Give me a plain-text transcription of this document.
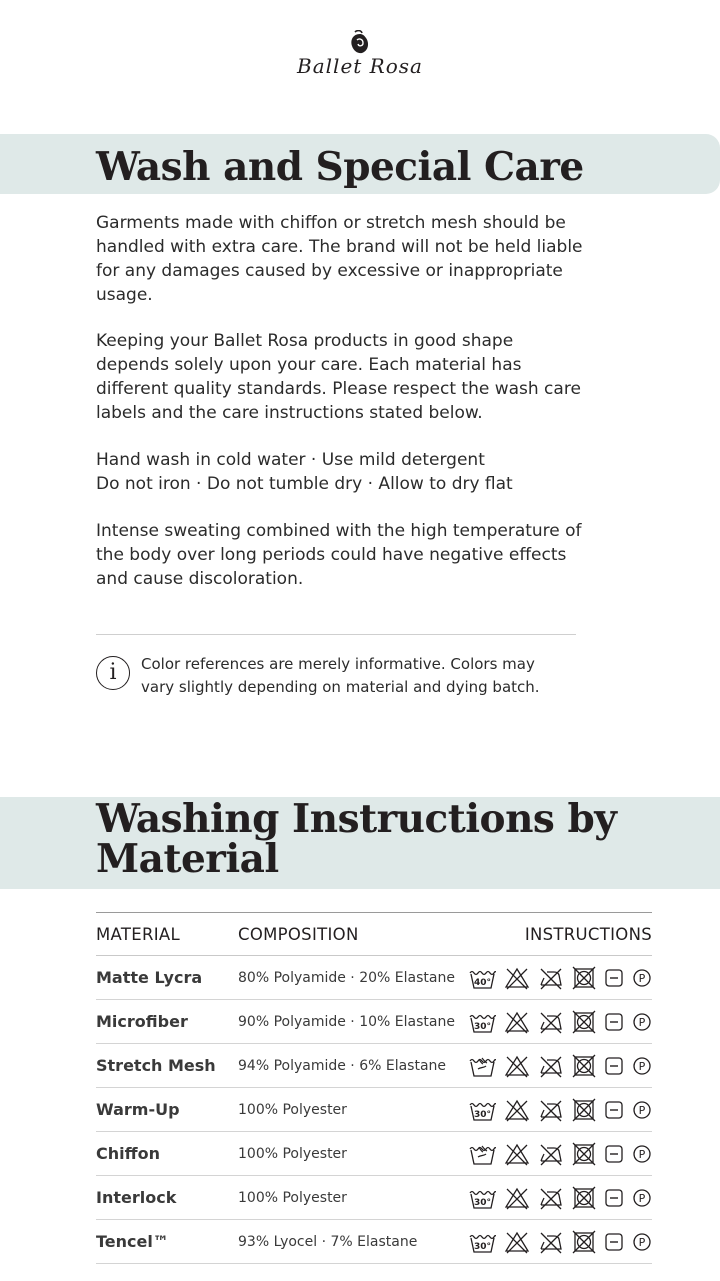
Ballet Rosa
Wash and Special Care

Garments made with chiffon or stretch mesh should be handled with extra care. The brand will not be held liable for any damages caused by excessive or inappropriate usage.

Keeping your Ballet Rosa products in good shape depends solely upon your care. Each material has different quality standards. Please respect the wash care labels and the care instructions stated below.

Hand wash in cold water · Use mild detergent
Do not iron · Do not tumble dry · Allow to dry flat

Intense sweating combined with the high temperature of the body over long periods could have negative effects and cause discoloration.

i	Color references are merely informative. Colors may vary slightly depending on material and dying batch.

Washing Instructions by Material
MATERIAL	COMPOSITION	INSTRUCTIONS
Matte Lycra	80% Polyamide · 20% Elastane	40° P

Microfiber	90% Polyamide · 10% Elastane	30° P

Stretch Mesh	94% Polyamide · 6% Elastane	P

Warm-Up	100% Polyester	30° P

Chiffon	100% Polyester	P

Interlock	100% Polyester	30° P

Tencel™	93% Lyocel · 7% Elastane	30° P
